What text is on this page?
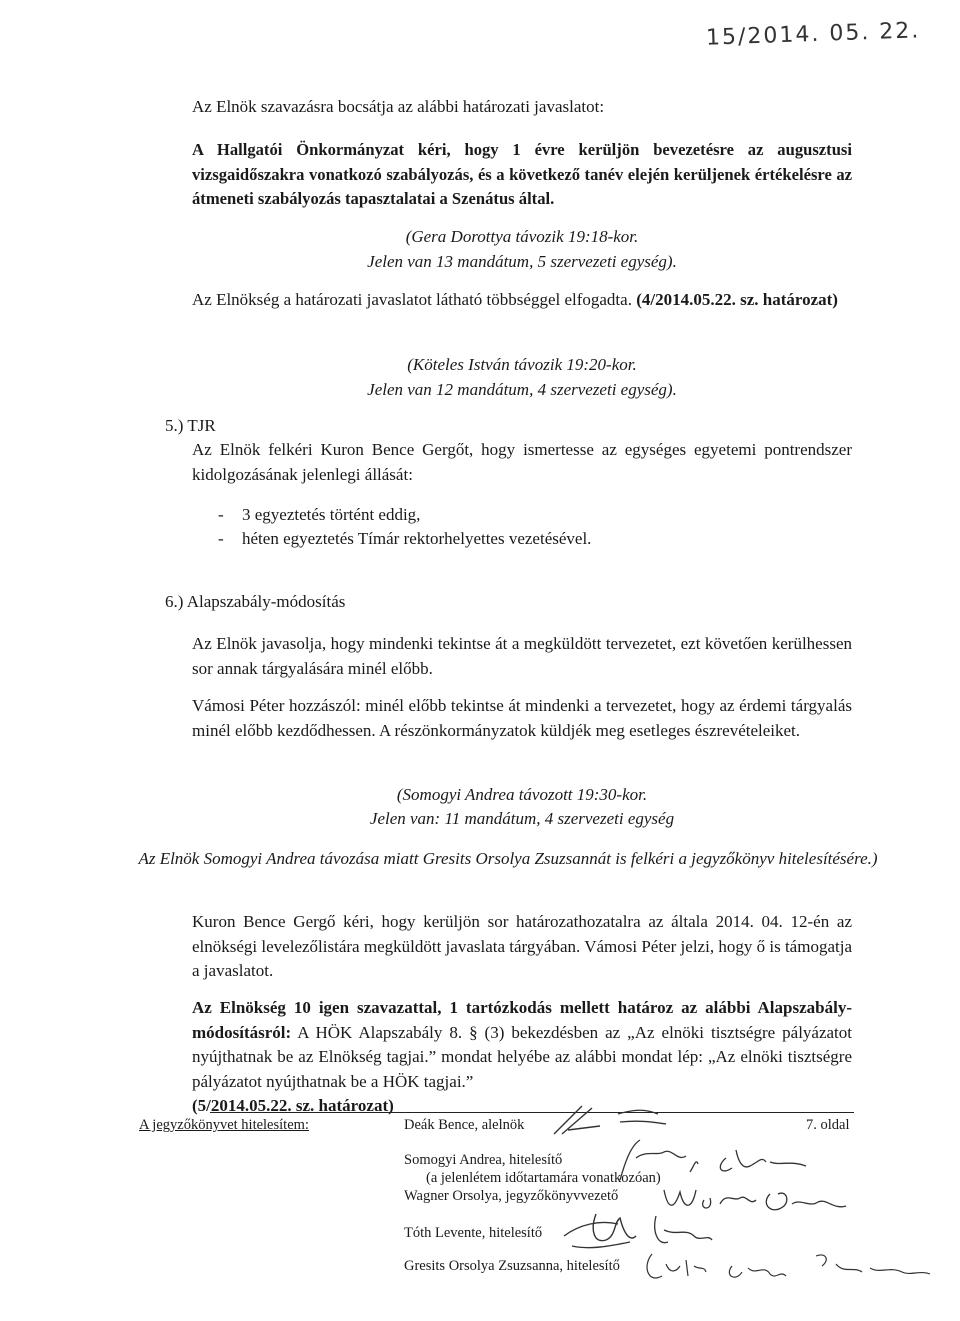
15/2014. 05. 22.
Az Elnök szavazásra bocsátja az alábbi határozati javaslatot:
A Hallgatói Önkormányzat kéri, hogy 1 évre kerüljön bevezetésre az augusztusi vizsgaidőszakra vonatkozó szabályozás, és a következő tanév elején kerüljenek értékelésre az átmeneti szabályozás tapasztalatai a Szenátus által.
(Gera Dorottya távozik 19:18-kor.
Jelen van 13 mandátum, 5 szervezeti egység).
Az Elnökség a határozati javaslatot látható többséggel elfogadta. (4/2014.05.22. sz. határozat)
(Köteles István távozik 19:20-kor.
Jelen van 12 mandátum, 4 szervezeti egység).
5.) TJR
Az Elnök felkéri Kuron Bence Gergőt, hogy ismertesse az egységes egyetemi pontrendszer kidolgozásának jelenlegi állását:
- 3 egyeztetés történt eddig,
- héten egyeztetés Tímár rektorhelyettes vezetésével.
6.) Alapszabály-módosítás
Az Elnök javasolja, hogy mindenki tekintse át a megküldött tervezetet, ezt követően kerülhessen sor annak tárgyalására minél előbb.
Vámosi Péter hozzászól: minél előbb tekintse át mindenki a tervezetet, hogy az érdemi tárgyalás minél előbb kezdődhessen. A részönkormányzatok küldjék meg esetleges észrevételeiket.
(Somogyi Andrea távozott 19:30-kor.
Jelen van: 11 mandátum, 4 szervezeti egység
Az Elnök Somogyi Andrea távozása miatt Gresits Orsolya Zsuzsannát is felkéri a jegyzőkönyv hitelesítésére.)
Kuron Bence Gergő kéri, hogy kerüljön sor határozathozatalra az általa 2014. 04. 12-én az elnökségi levelezőlistára megküldött javaslata tárgyában. Vámosi Péter jelzi, hogy ő is támogatja a javaslatot.
Az Elnökség 10 igen szavazattal, 1 tartózkodás mellett határoz az alábbi Alapszabály-módosításról: A HÖK Alapszabály 8. § (3) bekezdésben az „Az elnöki tisztségre pályázatot nyújthatnak be az Elnökség tagjai.” mondat helyébe az alábbi mondat lép: „Az elnöki tisztségre pályázatot nyújthatnak be a HÖK tagjai.”
(5/2014.05.22. sz. határozat)
A jegyzőkönyvet hitelesítem:	7. oldal
Deák Bence, alelnök
Somogyi Andrea, hitelesítő
(a jelenlétem időtartamára vonatkozóan)
Wagner Orsolya, jegyzőkönyvvezető
Tóth Levente, hitelesítő
Gresits Orsolya Zsuzsanna, hitelesítő
